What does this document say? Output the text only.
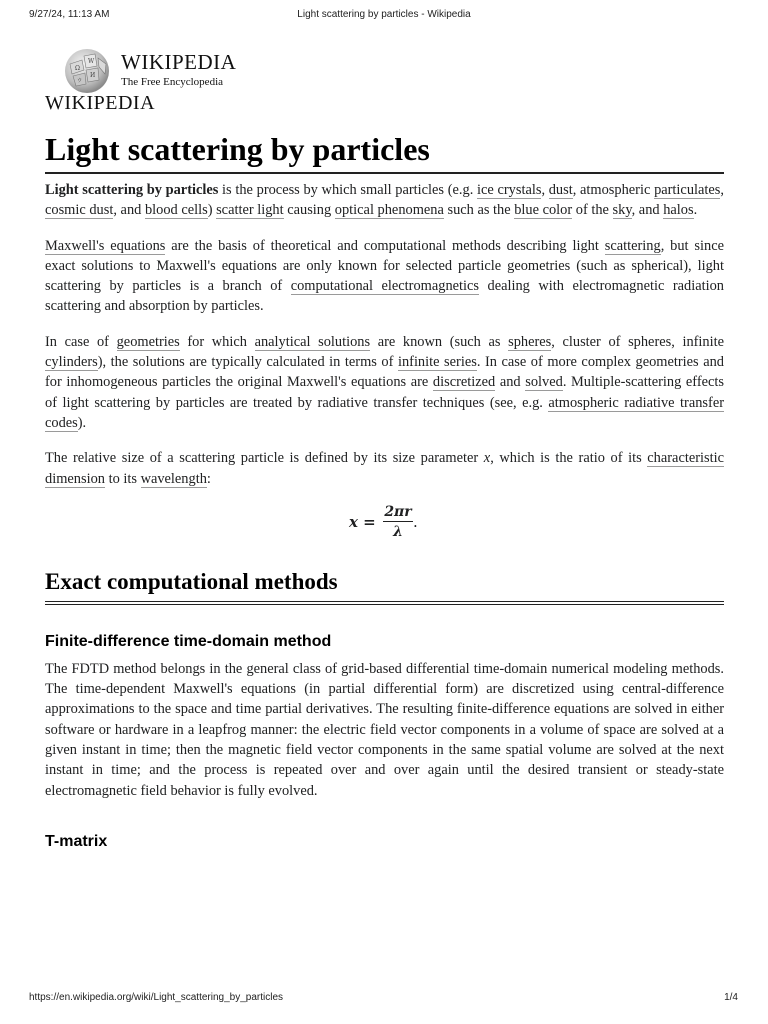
9/27/24, 11:13 AM	Light scattering by particles - Wikipedia
Ω
W
И
ウ
WIKIPEDIA
The Free Encyclopedia
WIKIPEDIA
Light scattering by particles

Light scattering by particles is the process by which small particles (e.g. ice crystals, dust, atmospheric particulates, cosmic dust, and blood cells) scatter light causing optical phenomena such as the blue color of the sky, and halos.

Maxwell's equations are the basis of theoretical and computational methods describing light scattering, but since exact solutions to Maxwell's equations are only known for selected particle geometries (such as spherical), light scattering by particles is a branch of computational electromagnetics dealing with electromagnetic radiation scattering and absorption by particles.

In case of geometries for which analytical solutions are known (such as spheres, cluster of spheres, infinite cylinders), the solutions are typically calculated in terms of infinite series. In case of more complex geometries and for inhomogeneous particles the original Maxwell's equations are discretized and solved. Multiple-scattering effects of light scattering by particles are treated by radiative transfer techniques (see, e.g. atmospheric radiative transfer codes).

The relative size of a scattering particle is defined by its size parameter x, which is the ratio of its characteristic dimension to its wavelength:

$x = \frac{2\pi r}{\lambda}$ .
Exact computational methods
Finite-difference time-domain method

The FDTD method belongs in the general class of grid-based differential time-domain numerical modeling methods. The time-dependent Maxwell's equations (in partial differential form) are discretized using central-difference approximations to the space and time partial derivatives. The resulting finite-difference equations are solved in either software or hardware in a leapfrog manner: the electric field vector components in a volume of space are solved at a given instant in time; then the magnetic field vector components in the same spatial volume are solved at the next instant in time; and the process is repeated over and over again until the desired transient or steady-state electromagnetic field behavior is fully evolved.

T-matrix
https://en.wikipedia.org/wiki/Light_scattering_by_particles	1/4
